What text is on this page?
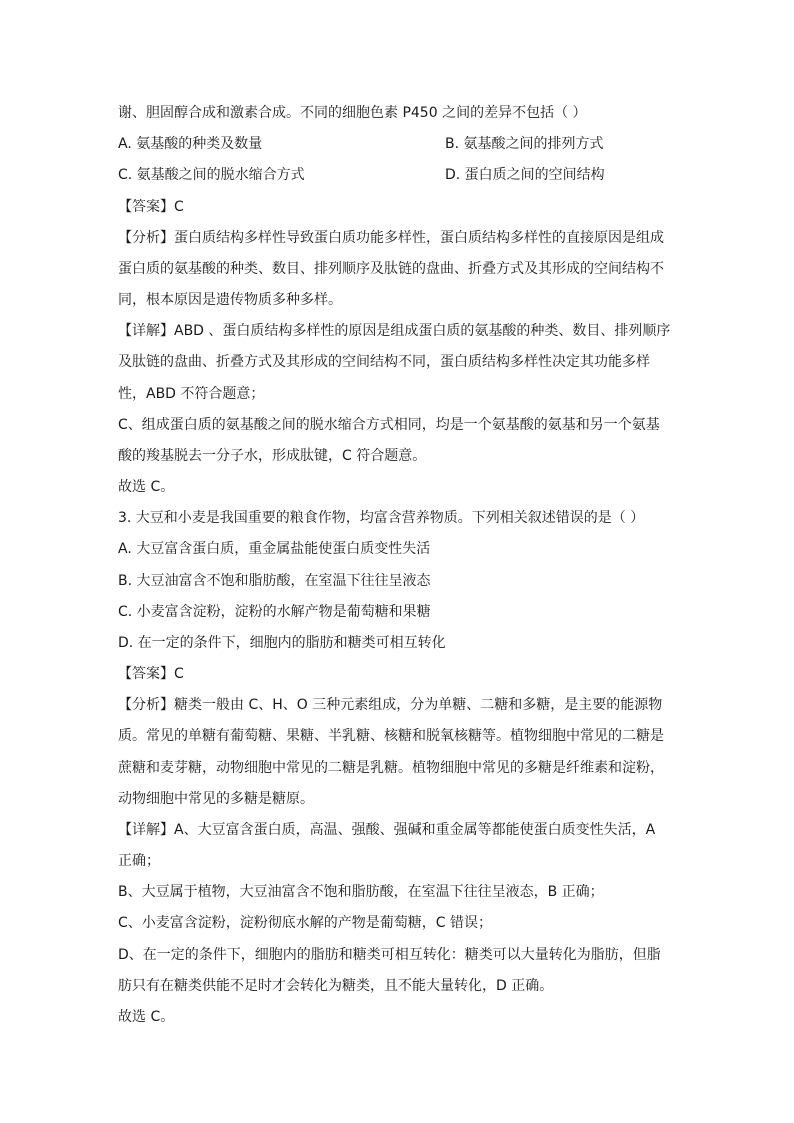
谢、胆固醇合成和激素合成。不同的细胞色素 P450 之间的差异不包括（ ）
A. 氨基酸的种类及数量	B. 氨基酸之间的排列方式
C. 氨基酸之间的脱水缩合方式	D. 蛋白质之间的空间结构
【答案】C
【分析】蛋白质结构多样性导致蛋白质功能多样性，蛋白质结构多样性的直接原因是组成
蛋白质的氨基酸的种类、数目、排列顺序及肽链的盘曲、折叠方式及其形成的空间结构不
同，根本原因是遗传物质多种多样。
【详解】ABD 、蛋白质结构多样性的原因是组成蛋白质的氨基酸的种类、数目、排列顺序
及肽链的盘曲、折叠方式及其形成的空间结构不同，蛋白质结构多样性决定其功能多样
性，ABD 不符合题意；
C、组成蛋白质的氨基酸之间的脱水缩合方式相同，均是一个氨基酸的氨基和另一个氨基
酸的羧基脱去一分子水，形成肽键，C 符合题意。
故选 C。
3. 大豆和小麦是我国重要的粮食作物，均富含营养物质。下列相关叙述错误的是（ ）
A. 大豆富含蛋白质，重金属盐能使蛋白质变性失活
B. 大豆油富含不饱和脂肪酸，在室温下往往呈液态
C. 小麦富含淀粉，淀粉的水解产物是葡萄糖和果糖
D. 在一定的条件下，细胞内的脂肪和糖类可相互转化
【答案】C
【分析】糖类一般由 C、H、O 三种元素组成，分为单糖、二糖和多糖，是主要的能源物
质。常见的单糖有葡萄糖、果糖、半乳糖、核糖和脱氧核糖等。植物细胞中常见的二糖是
蔗糖和麦芽糖，动物细胞中常见的二糖是乳糖。植物细胞中常见的多糖是纤维素和淀粉，
动物细胞中常见的多糖是糖原。
【详解】A、大豆富含蛋白质，高温、强酸、强碱和重金属等都能使蛋白质变性失活，A
正确；
B、大豆属于植物，大豆油富含不饱和脂肪酸，在室温下往往呈液态，B 正确；
C、小麦富含淀粉，淀粉彻底水解的产物是葡萄糖，C 错误；
D、在一定的条件下，细胞内的脂肪和糖类可相互转化：糖类可以大量转化为脂肪，但脂
肪只有在糖类供能不足时才会转化为糖类，且不能大量转化，D 正确。
故选 C。
